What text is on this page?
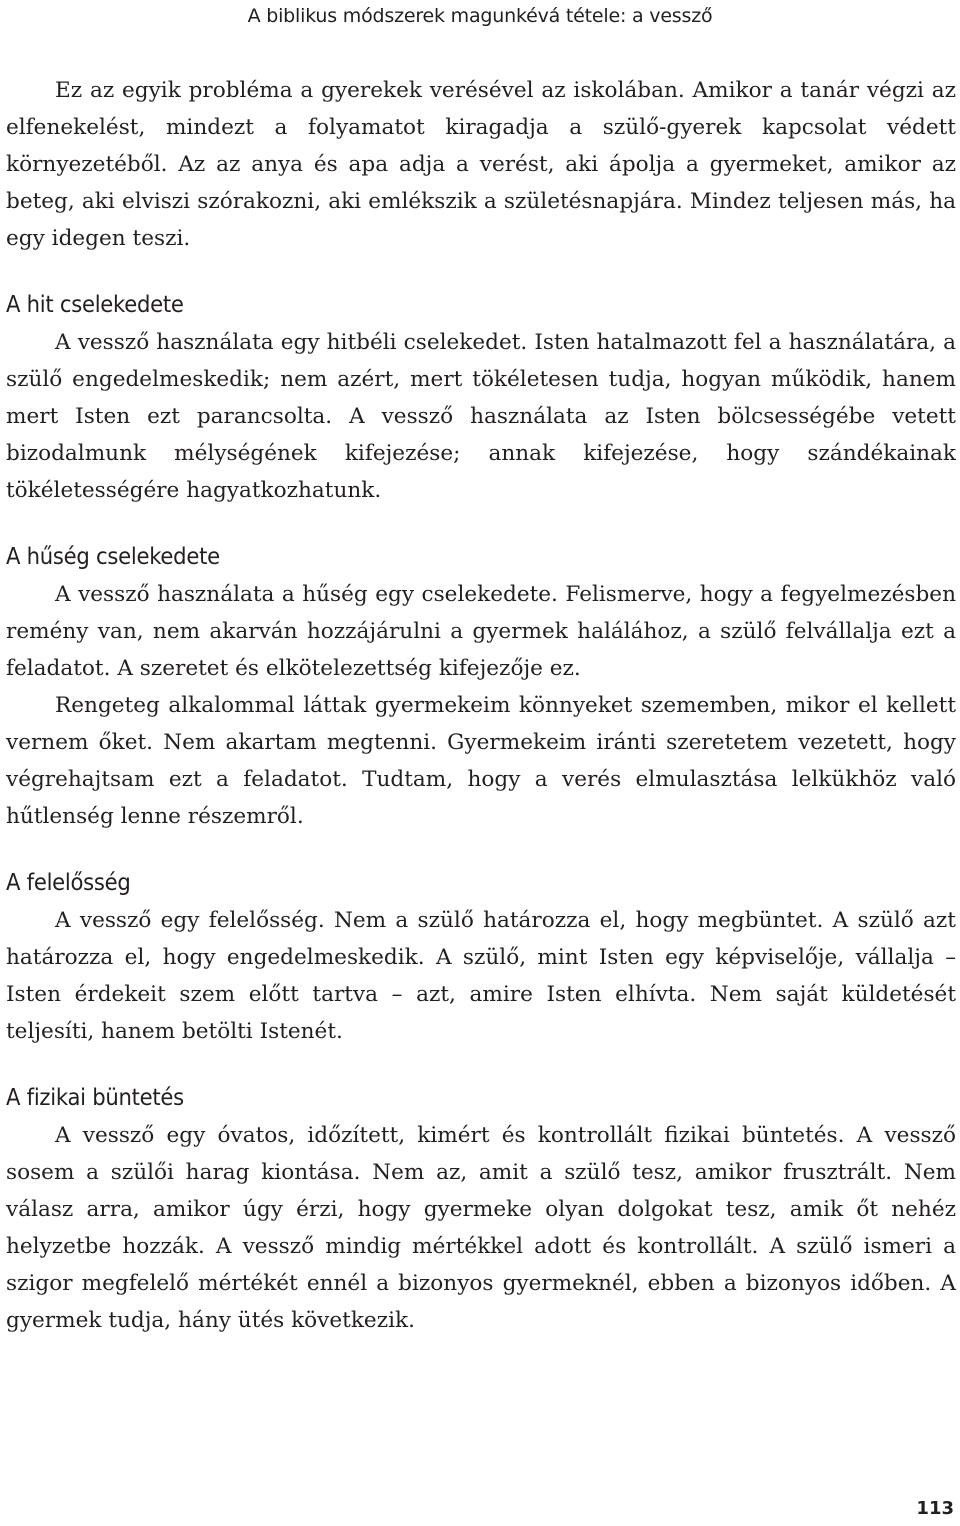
A biblikus módszerek magunkévá tétele: a vessző

Ez az egyik probléma a gyerekek verésével az iskolában. Amikor a tanár végzi az elfenekelést, mindezt a folyamatot kiragadja a szülő-gyerek kapcsolat védett környezetéből. Az az anya és apa adja a verést, aki ápolja a gyermeket, amikor az beteg, aki elviszi szórakozni, aki emlékszik a születésnapjára. Mindez teljesen más, ha egy idegen teszi.

A hit cselekedete

A vessző használata egy hitbéli cselekedet. Isten hatalmazott fel a használatára, a szülő engedelmeskedik; nem azért, mert tökéletesen tudja, hogyan működik, hanem mert Isten ezt parancsolta. A vessző használata az Isten bölcsességébe vetett bizodalmunk mélységének kifejezése; annak kifejezése, hogy szándékainak tökéletességére hagyatkozhatunk.

A hűség cselekedete

A vessző használata a hűség egy cselekedete. Felismerve, hogy a fegyelmezésben remény van, nem akarván hozzájárulni a gyermek halálához, a szülő felvállalja ezt a feladatot. A szeretet és elkötelezettség kifejezője ez.

Rengeteg alkalommal láttak gyermekeim könnyeket szememben, mikor el kellett vernem őket. Nem akartam megtenni. Gyermekeim iránti szeretetem vezetett, hogy végrehajtsam ezt a feladatot. Tudtam, hogy a verés elmulasztása lelkükhöz való hűtlenség lenne részemről.

A felelősség

A vessző egy felelősség. Nem a szülő határozza el, hogy megbüntet. A szülő azt határozza el, hogy engedelmeskedik. A szülő, mint Isten egy képviselője, vállalja – Isten érdekeit szem előtt tartva – azt, amire Isten elhívta. Nem saját küldetését teljesíti, hanem betölti Istenét.

A fizikai büntetés

A vessző egy óvatos, időzített, kimért és kontrollált fizikai büntetés. A vessző sosem a szülői harag kiontása. Nem az, amit a szülő tesz, amikor frusztrált. Nem válasz arra, amikor úgy érzi, hogy gyermeke olyan dolgokat tesz, amik őt nehéz helyzetbe hozzák. A vessző mindig mértékkel adott és kontrollált. A szülő ismeri a szigor megfelelő mértékét ennél a bizonyos gyermeknél, ebben a bizonyos időben. A gyermek tudja, hány ütés következik.

113
